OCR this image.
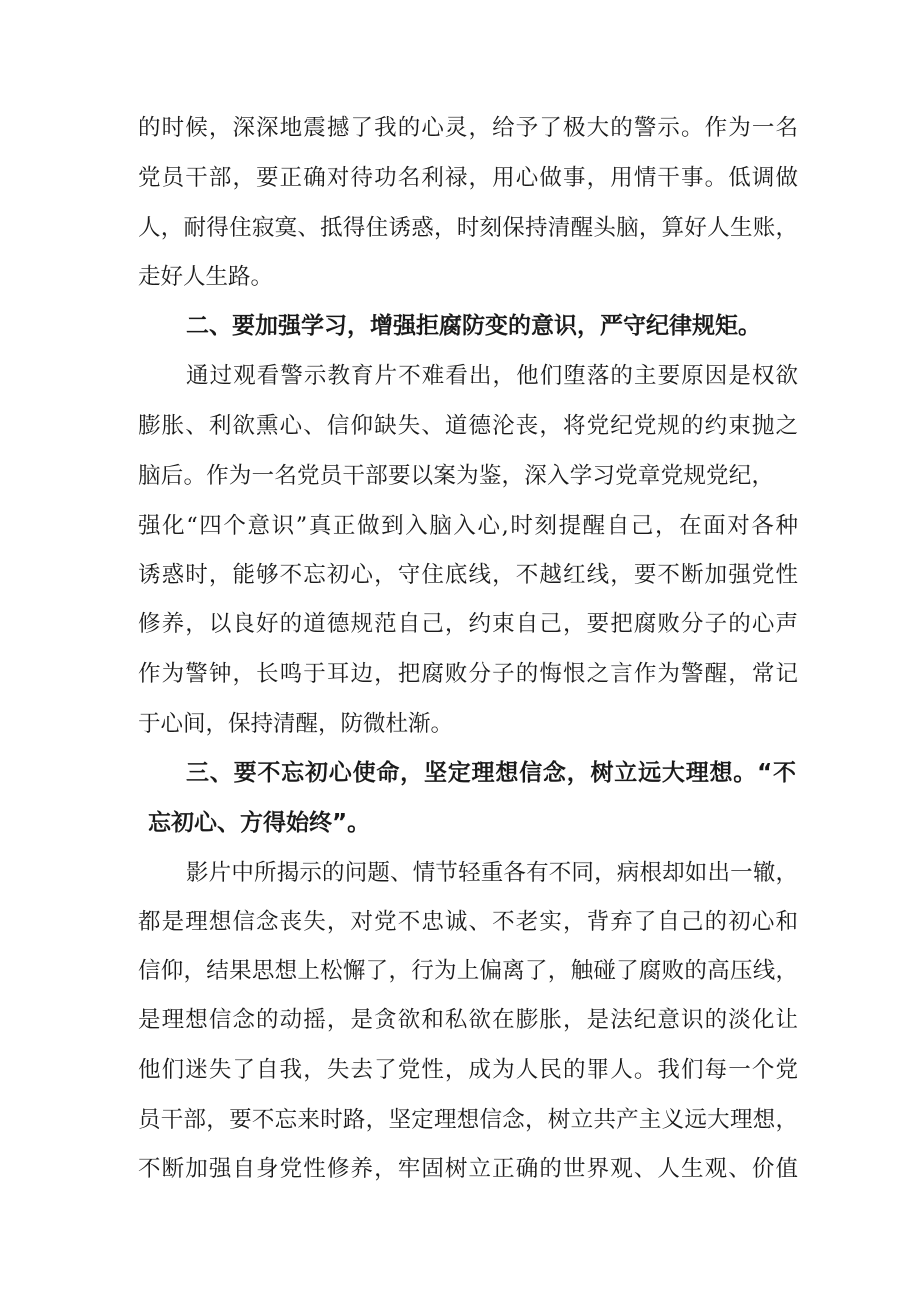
的时候，深深地震撼了我的心灵，给予了极大的警示。作为一名
党员干部，要正确对待功名利禄，用心做事，用情干事。低调做
人，耐得住寂寞、抵得住诱惑，时刻保持清醒头脑，算好人生账，
走好人生路。
二、要加强学习，增强拒腐防变的意识，严守纪律规矩。
通过观看警示教育片不难看出，他们堕落的主要原因是权欲
膨胀、利欲熏心、信仰缺失、道德沦丧，将党纪党规的约束抛之
脑后。作为一名党员干部要以案为鉴，深入学习党章党规党纪，
强化“四个意识”真正做到入脑入心,时刻提醒自己，在面对各种
诱惑时，能够不忘初心，守住底线，不越红线，要不断加强党性
修养，以良好的道德规范自己，约束自己，要把腐败分子的心声
作为警钟，长鸣于耳边，把腐败分子的悔恨之言作为警醒，常记
于心间，保持清醒，防微杜渐。
三、要不忘初心使命，坚定理想信念，树立远大理想。“不
忘初心、方得始终”。
影片中所揭示的问题、情节轻重各有不同，病根却如出一辙，
都是理想信念丧失，对党不忠诚、不老实，背弃了自己的初心和
信仰，结果思想上松懈了，行为上偏离了，触碰了腐败的高压线，
是理想信念的动摇，是贪欲和私欲在膨胀，是法纪意识的淡化让
他们迷失了自我，失去了党性，成为人民的罪人。我们每一个党
员干部，要不忘来时路，坚定理想信念，树立共产主义远大理想，
不断加强自身党性修养，牢固树立正确的世界观、人生观、价值
